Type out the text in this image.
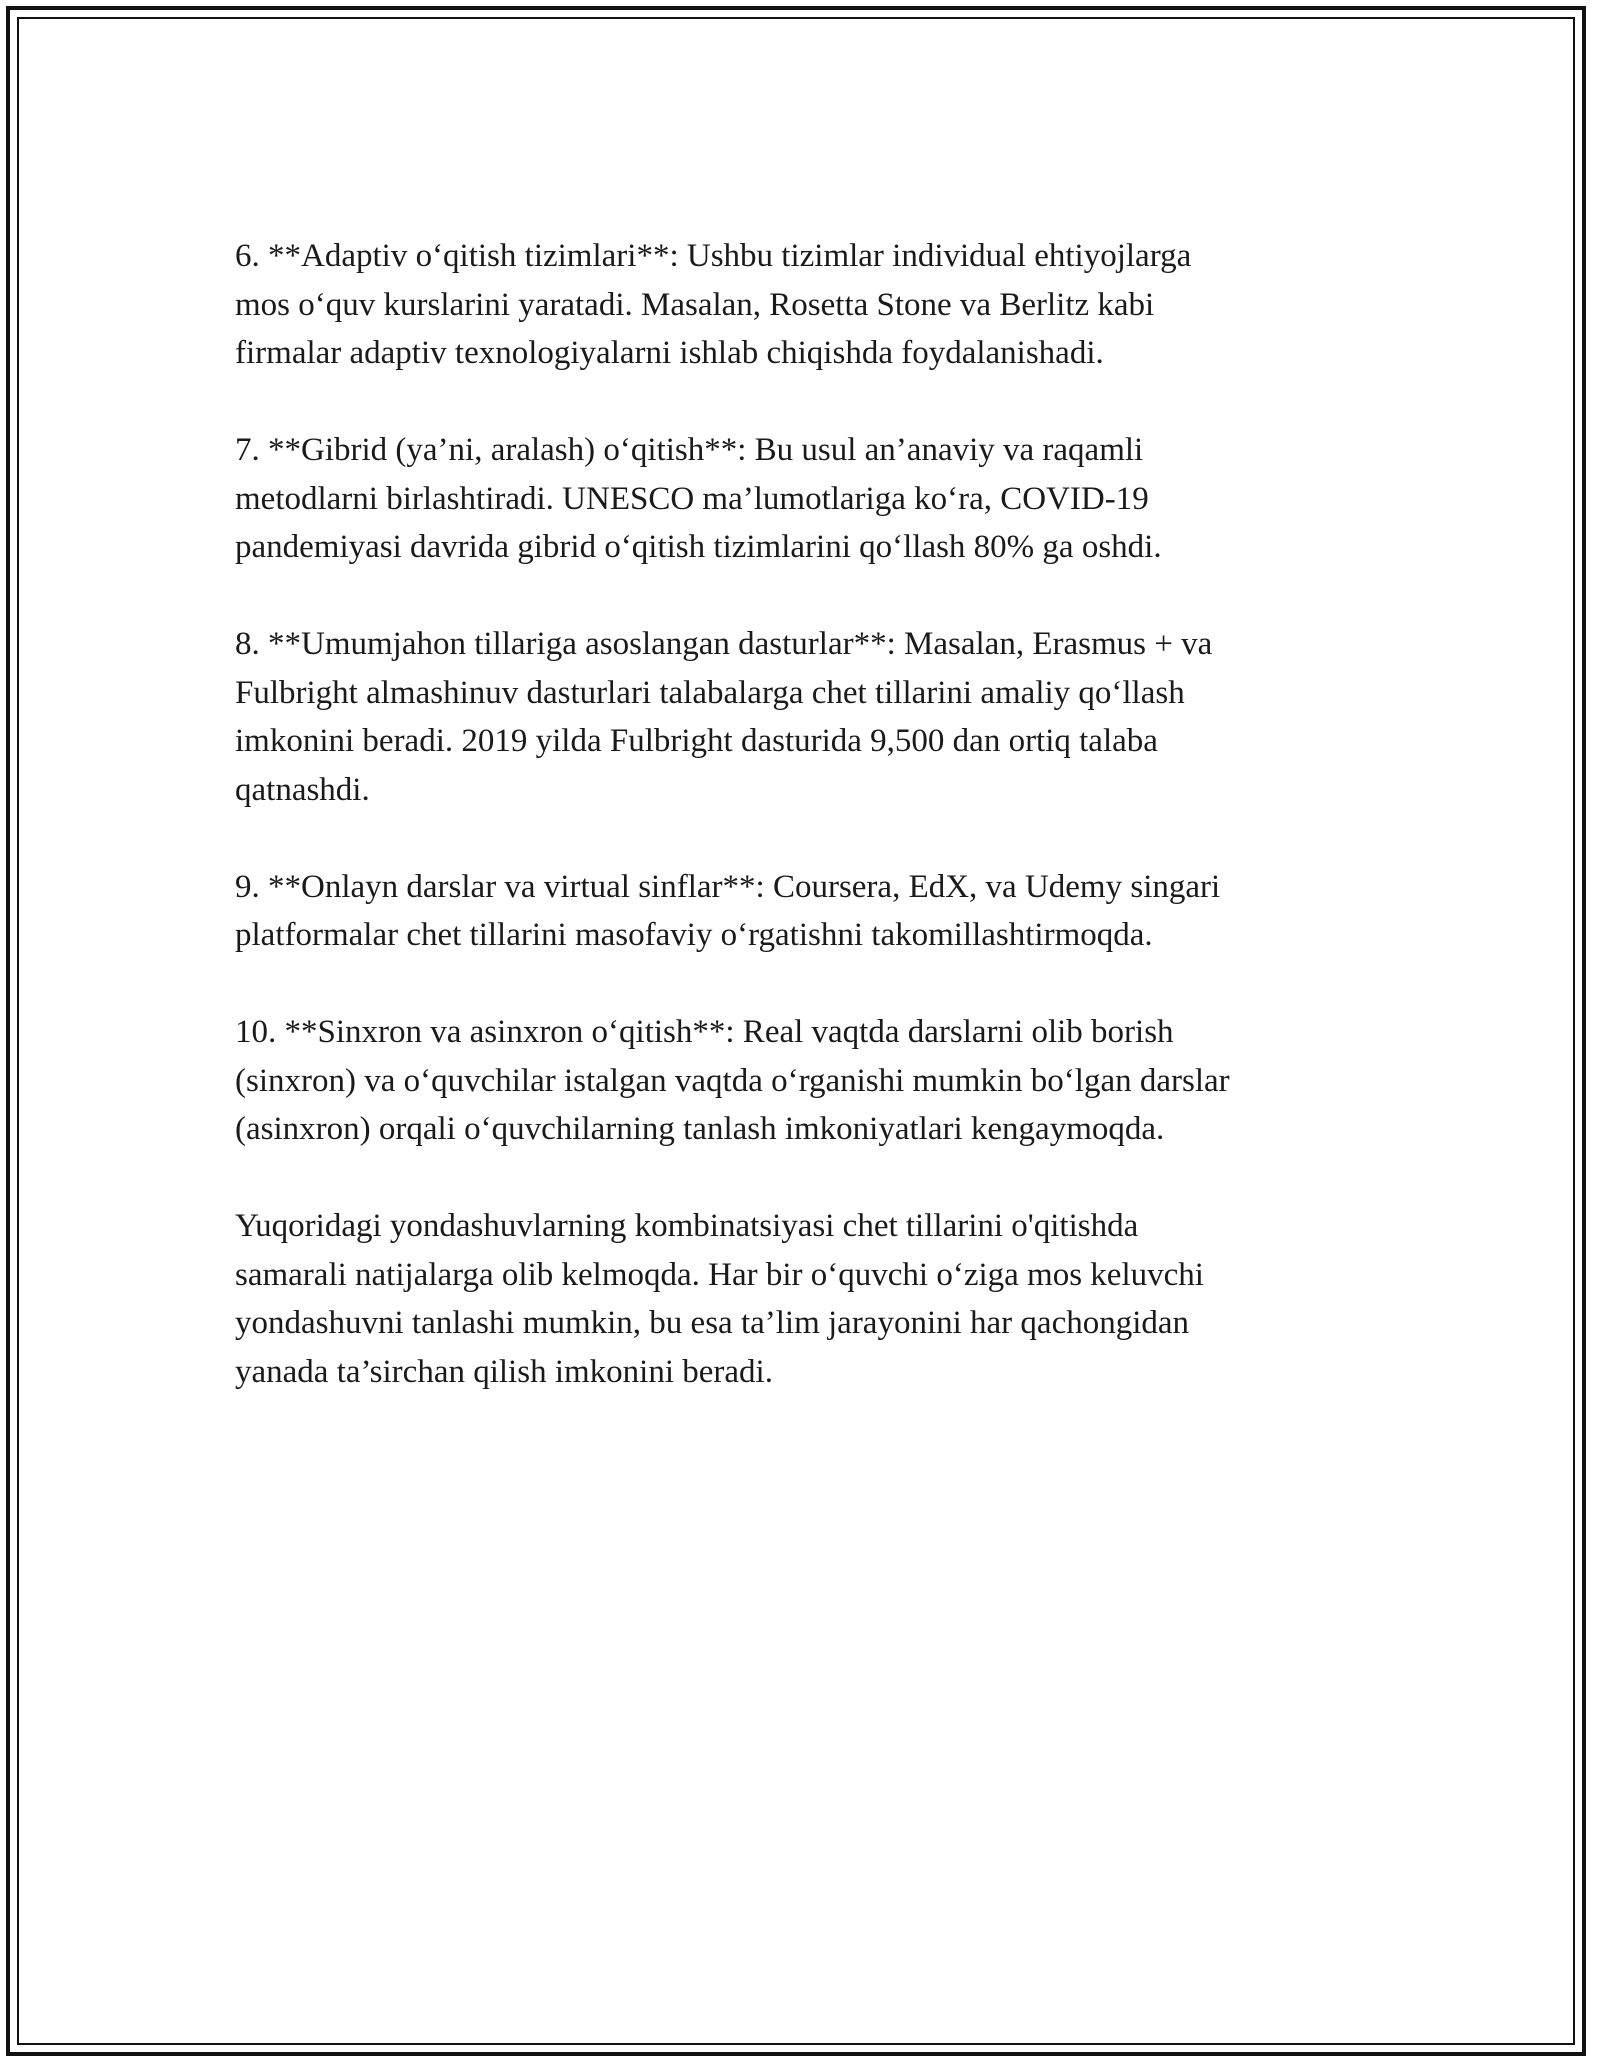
6. **Adaptiv oʻqitish tizimlari**: Ushbu tizimlar individual ehtiyojlarga
mos oʻquv kurslarini yaratadi. Masalan, Rosetta Stone va Berlitz kabi
firmalar adaptiv texnologiyalarni ishlab chiqishda foydalanishadi.

7. **Gibrid (ya’ni, aralash) oʻqitish**: Bu usul an’anaviy va raqamli
metodlarni birlashtiradi. UNESCO ma’lumotlariga koʻra, COVID-19
pandemiyasi davrida gibrid oʻqitish tizimlarini qoʻllash 80% ga oshdi.

8. **Umumjahon tillariga asoslangan dasturlar**: Masalan, Erasmus + va
Fulbright almashinuv dasturlari talabalarga chet tillarini amaliy qoʻllash
imkonini beradi. 2019 yilda Fulbright dasturida 9,500 dan ortiq talaba
qatnashdi.

9. **Onlayn darslar va virtual sinflar**: Coursera, EdX, va Udemy singari
platformalar chet tillarini masofaviy oʻrgatishni takomillashtirmoqda.

10. **Sinxron va asinxron oʻqitish**: Real vaqtda darslarni olib borish
(sinxron) va oʻquvchilar istalgan vaqtda oʻrganishi mumkin boʻlgan darslar
(asinxron) orqali oʻquvchilarning tanlash imkoniyatlari kengaymoqda.

Yuqoridagi yondashuvlarning kombinatsiyasi chet tillarini o'qitishda
samarali natijalarga olib kelmoqda. Har bir oʻquvchi oʻziga mos keluvchi
yondashuvni tanlashi mumkin, bu esa ta’lim jarayonini har qachongidan
yanada ta’sirchan qilish imkonini beradi.
